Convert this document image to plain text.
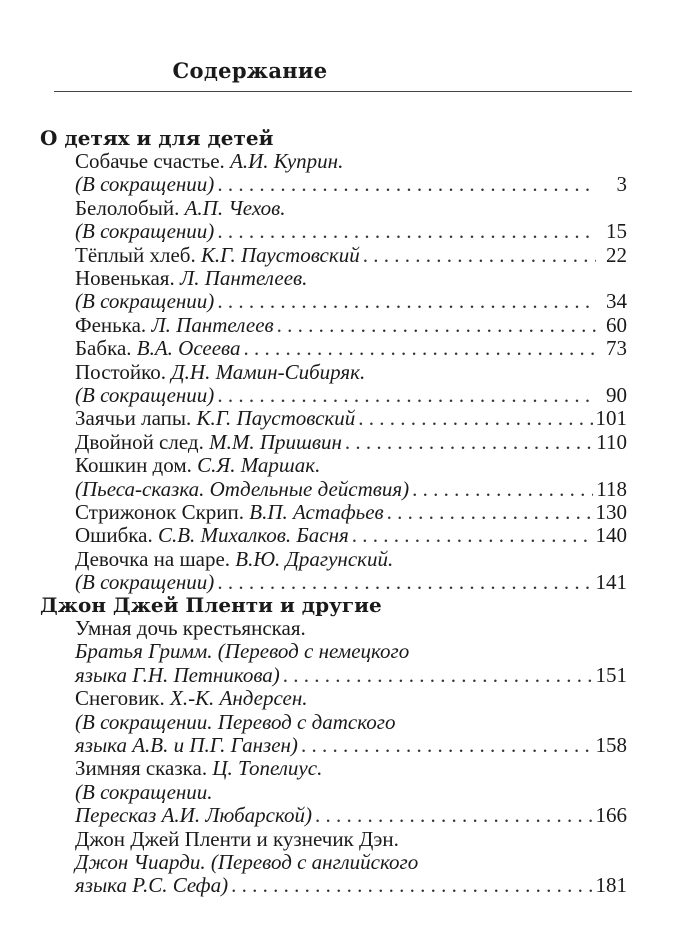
Содержание
О детях и для детей
Джон Джей Пленти и другие
Собачье счастье. А.И. Куприн.
(В сокращении) . . .	3
Белолобый. А.П. Чехов.
(В сокращении) . . .	15
Тёплый хлеб. К.Г. Паустовский . . .	22
Новенькая. Л. Пантелеев.
(В сокращении) . . .	34
Фенька. Л. Пантелеев . . .	60
Бабка. В.А. Осеева . . .	73
Постойко. Д.Н. Мамин-Сибиряк.
(В сокращении) . . .	90
Заячьи лапы. К.Г. Паустовский . . .	101
Двойной след. М.М. Пришвин . . .	110
Кошкин дом. С.Я. Маршак.
(Пьеса-сказка. Отдельные действия) . . .	118
Стрижонок Скрип. В.П. Астафьев . . .	130
Ошибка. С.В. Михалков. Басня . . .	140
Девочка на шаре. В.Ю. Драгунский.
(В сокращении) . . .	141
Умная дочь крестьянская.
Братья Гримм. (Перевод с немецкого
языка Г.Н. Петникова) . . .	151
Снеговик. Х.-К. Андерсен.
(В сокращении. Перевод с датского
языка А.В. и П.Г. Ганзен) . . .	158
Зимняя сказка. Ц. Топелиус.
(В сокращении.
Пересказ А.И. Любарской) . . .	166
Джон Джей Пленти и кузнечик Дэн.
Джон Чиарди. (Перевод с английского
языка Р.С. Сефа) . . .	181
